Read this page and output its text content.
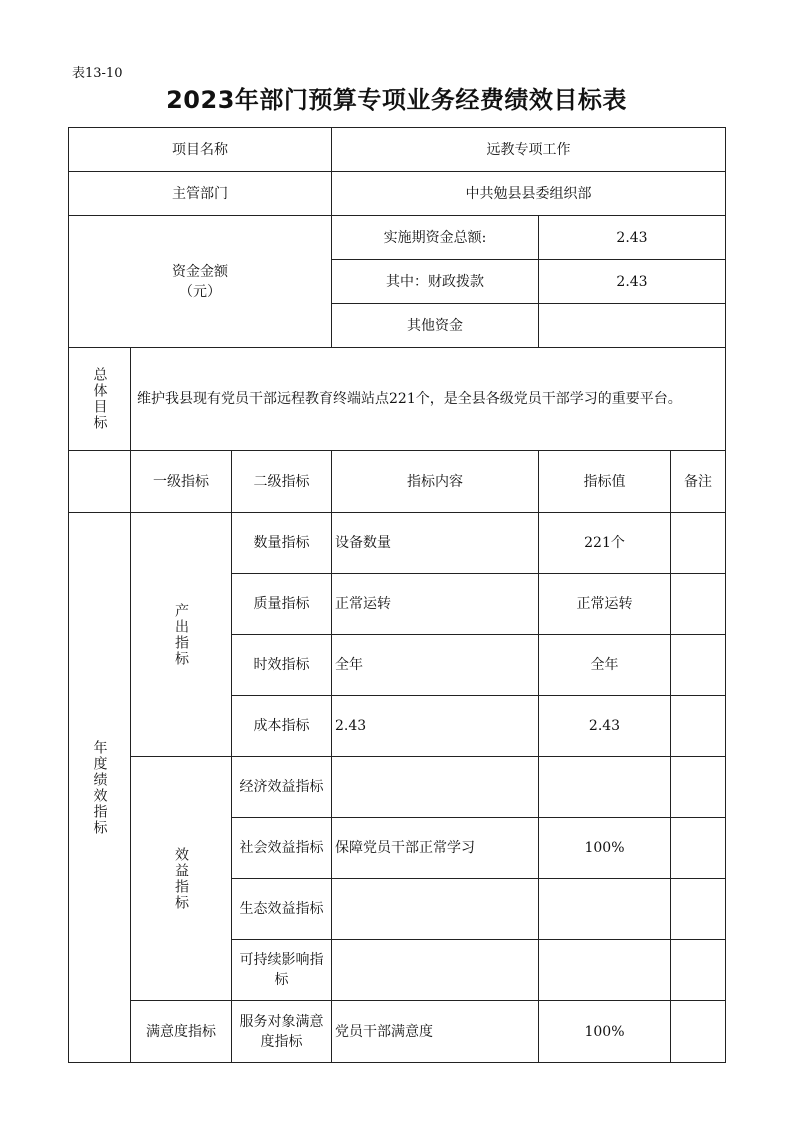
表13-10
2023年部门预算专项业务经费绩效目标表
项目名称			远教专项工作		
主管部门			中共勉县县委组织部		

资金金额
（元）			实施期资金总额:	2.43	
			其中：财政拨款	2.43	
			其他资金		

总体目标	维护我县现有党员干部远程教育终端站点221个，是全县各级党员干部学习的重要平台。				
	一级指标	二级指标	指标内容	指标值	备注

年度绩效指标	产出指标	数量指标	设备数量	221个	
		质量指标	正常运转	正常运转	
		时效指标	全年	全年	
		成本指标	2.43	2.43	

	效益指标	经济效益指标			
		社会效益指标	保障党员干部正常学习	100%	
		生态效益指标			
		可持续影响指标			
	满意度指标	服务对象满意度指标	党员干部满意度	100%	
